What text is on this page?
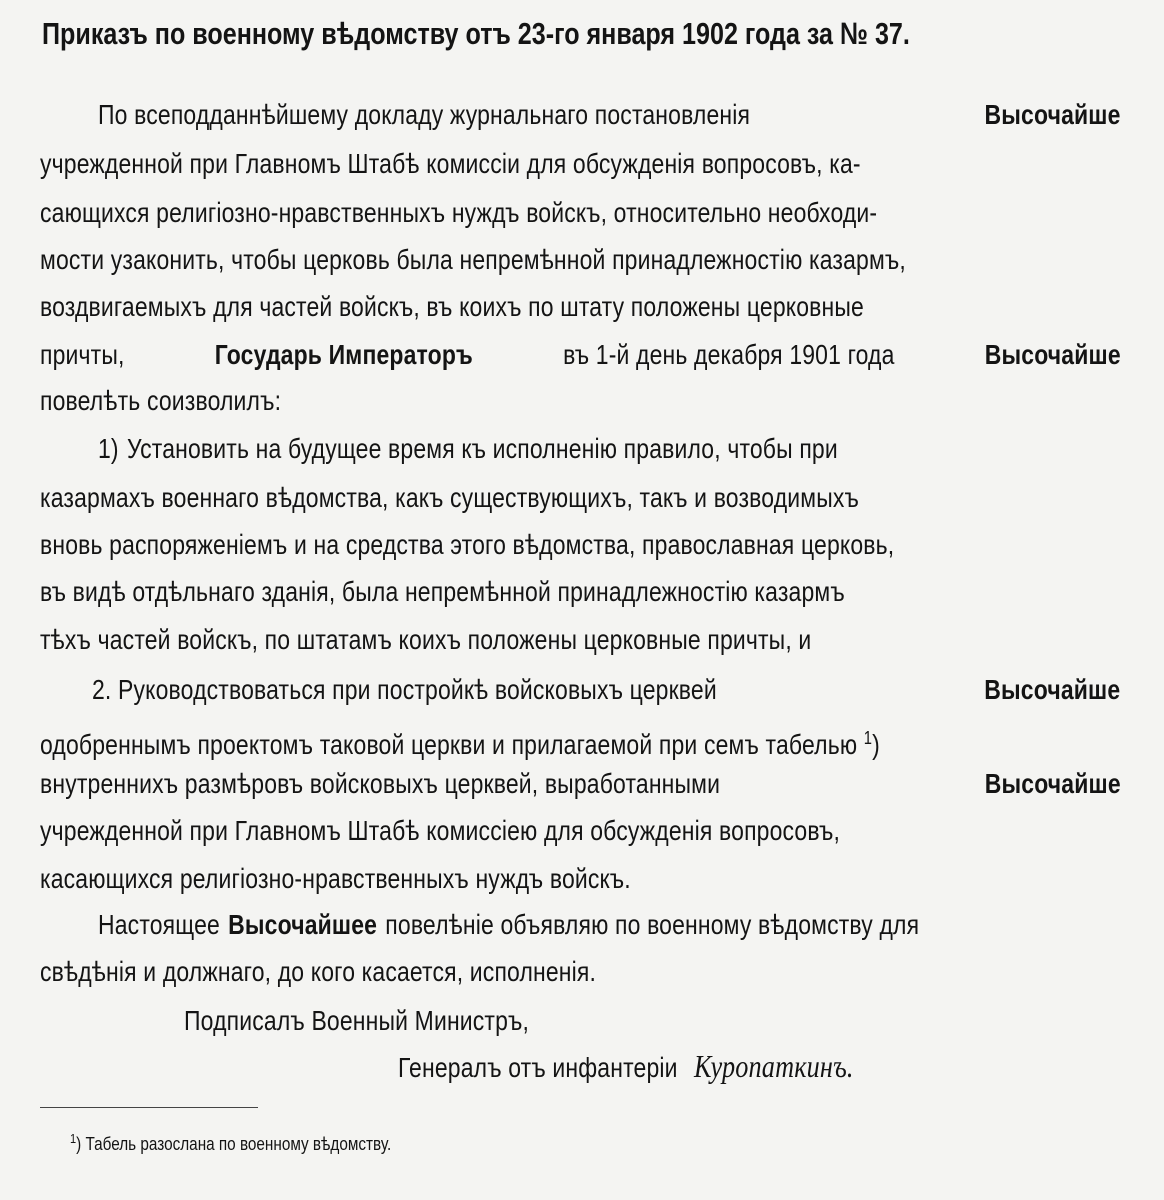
Приказъ по военному вѣдомству отъ 23-го января 1902 года за № 37.
По всеподданнѣйшему докладу журнальнаго постановленія	Высочайше
учрежденной при Главномъ Штабѣ комиссіи для обсужденія вопросовъ, ка-
сающихся религіозно-нравственныхъ нуждъ войскъ, относительно необходи-
мости узаконить, чтобы церковь была непремѣнной принадлежностію казармъ,
воздвигаемыхъ для частей войскъ, въ коихъ по штату положены церковные
причты,	Государь Императоръ	въ 1-й день декабря 1901 года	Высочайше
повелѣть соизволилъ:
1) Установить на будущее время къ исполненію правило, чтобы при
казармахъ военнаго вѣдомства, какъ существующихъ, такъ и возводимыхъ
вновь распоряженіемъ и на средства этого вѣдомства, православная церковь,
въ видѣ отдѣльнаго зданія, была непремѣнной принадлежностію казармъ
тѣхъ частей войскъ, по штатамъ коихъ положены церковные причты, и
2. Руководствоваться при постройкѣ войсковыхъ церквей	Высочайше
одобреннымъ проектомъ таковой церкви и прилагаемой при семъ табелью $^1$)
внутреннихъ размѣровъ войсковыхъ церквей, выработанными	Высочайше
учрежденной при Главномъ Штабѣ комиссіею для обсужденія вопросовъ,
касающихся религіозно-нравственныхъ нуждъ войскъ.
Настоящее Высочайшее повелѣніе объявляю по военному вѣдомству для
свѣдѣнія и должнаго, до кого касается, исполненія.
Подписалъ Военный Министръ,
Генералъ отъ инфантеріи Куропаткинъ.
$^1$) Табель разослана по военному вѣдомству.
